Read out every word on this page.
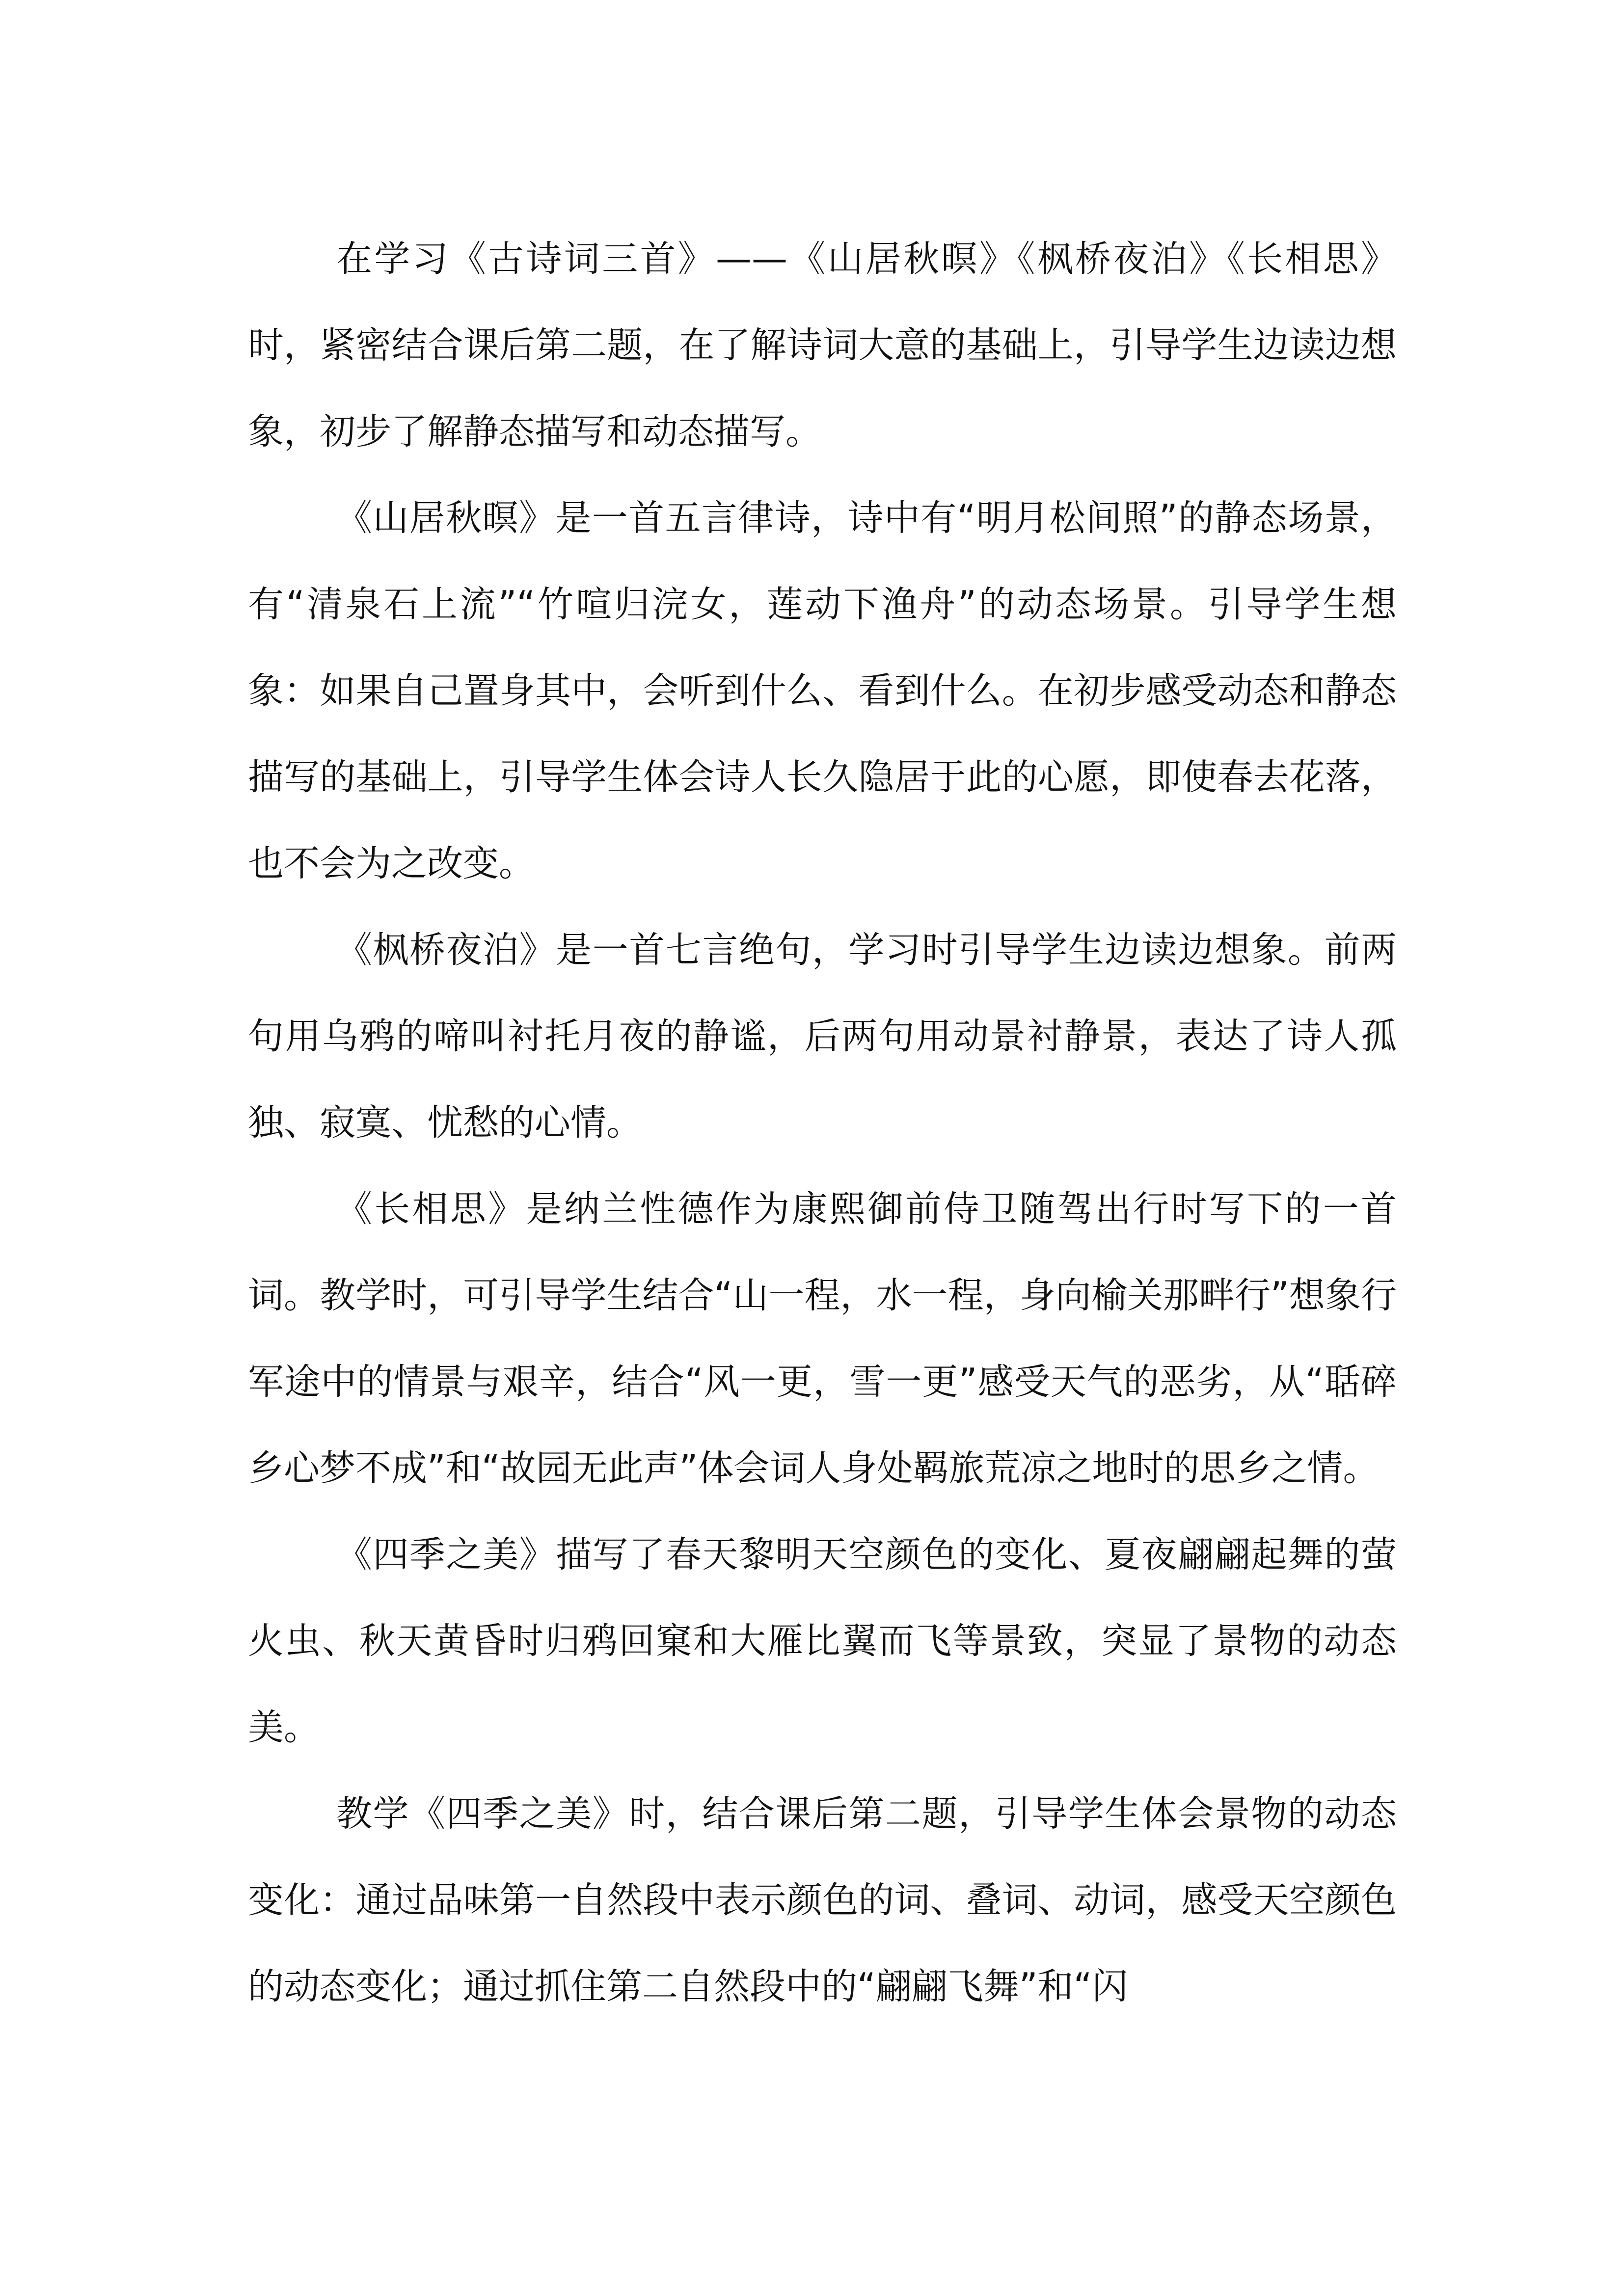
在学习《古诗词三首》——《山居秋暝》《枫桥夜泊》《长相思》时，紧密结合课后第二题，在了解诗词大意的基础上，引导学生边读边想象，初步了解静态描写和动态描写。

《山居秋暝》是一首五言律诗，诗中有“明月松间照”的静态场景，有“清泉石上流”“竹喧归浣女，莲动下渔舟”的动态场景。引导学生想象：如果自己置身其中，会听到什么、看到什么。在初步感受动态和静态描写的基础上，引导学生体会诗人长久隐居于此的心愿，即使春去花落，也不会为之改变。

《枫桥夜泊》是一首七言绝句，学习时引导学生边读边想象。前两句用乌鸦的啼叫衬托月夜的静谧，后两句用动景衬静景，表达了诗人孤独、寂寞、忧愁的心情。

《长相思》是纳兰性德作为康熙御前侍卫随驾出行时写下的一首词。教学时，可引导学生结合“山一程，水一程，身向榆关那畔行”想象行军途中的情景与艰辛，结合“风一更，雪一更”感受天气的恶劣，从“聒碎乡心梦不成”和“故园无此声”体会词人身处羁旅荒凉之地时的思乡之情。

《四季之美》描写了春天黎明天空颜色的变化、夏夜翩翩起舞的萤火虫、秋天黄昏时归鸦回窠和大雁比翼而飞等景致，突显了景物的动态美。

教学《四季之美》时，结合课后第二题，引导学生体会景物的动态变化：通过品味第一自然段中表示颜色的词、叠词、动词，感受天空颜色的动态变化；通过抓住第二自然段中的“翩翩飞舞”和“闪
